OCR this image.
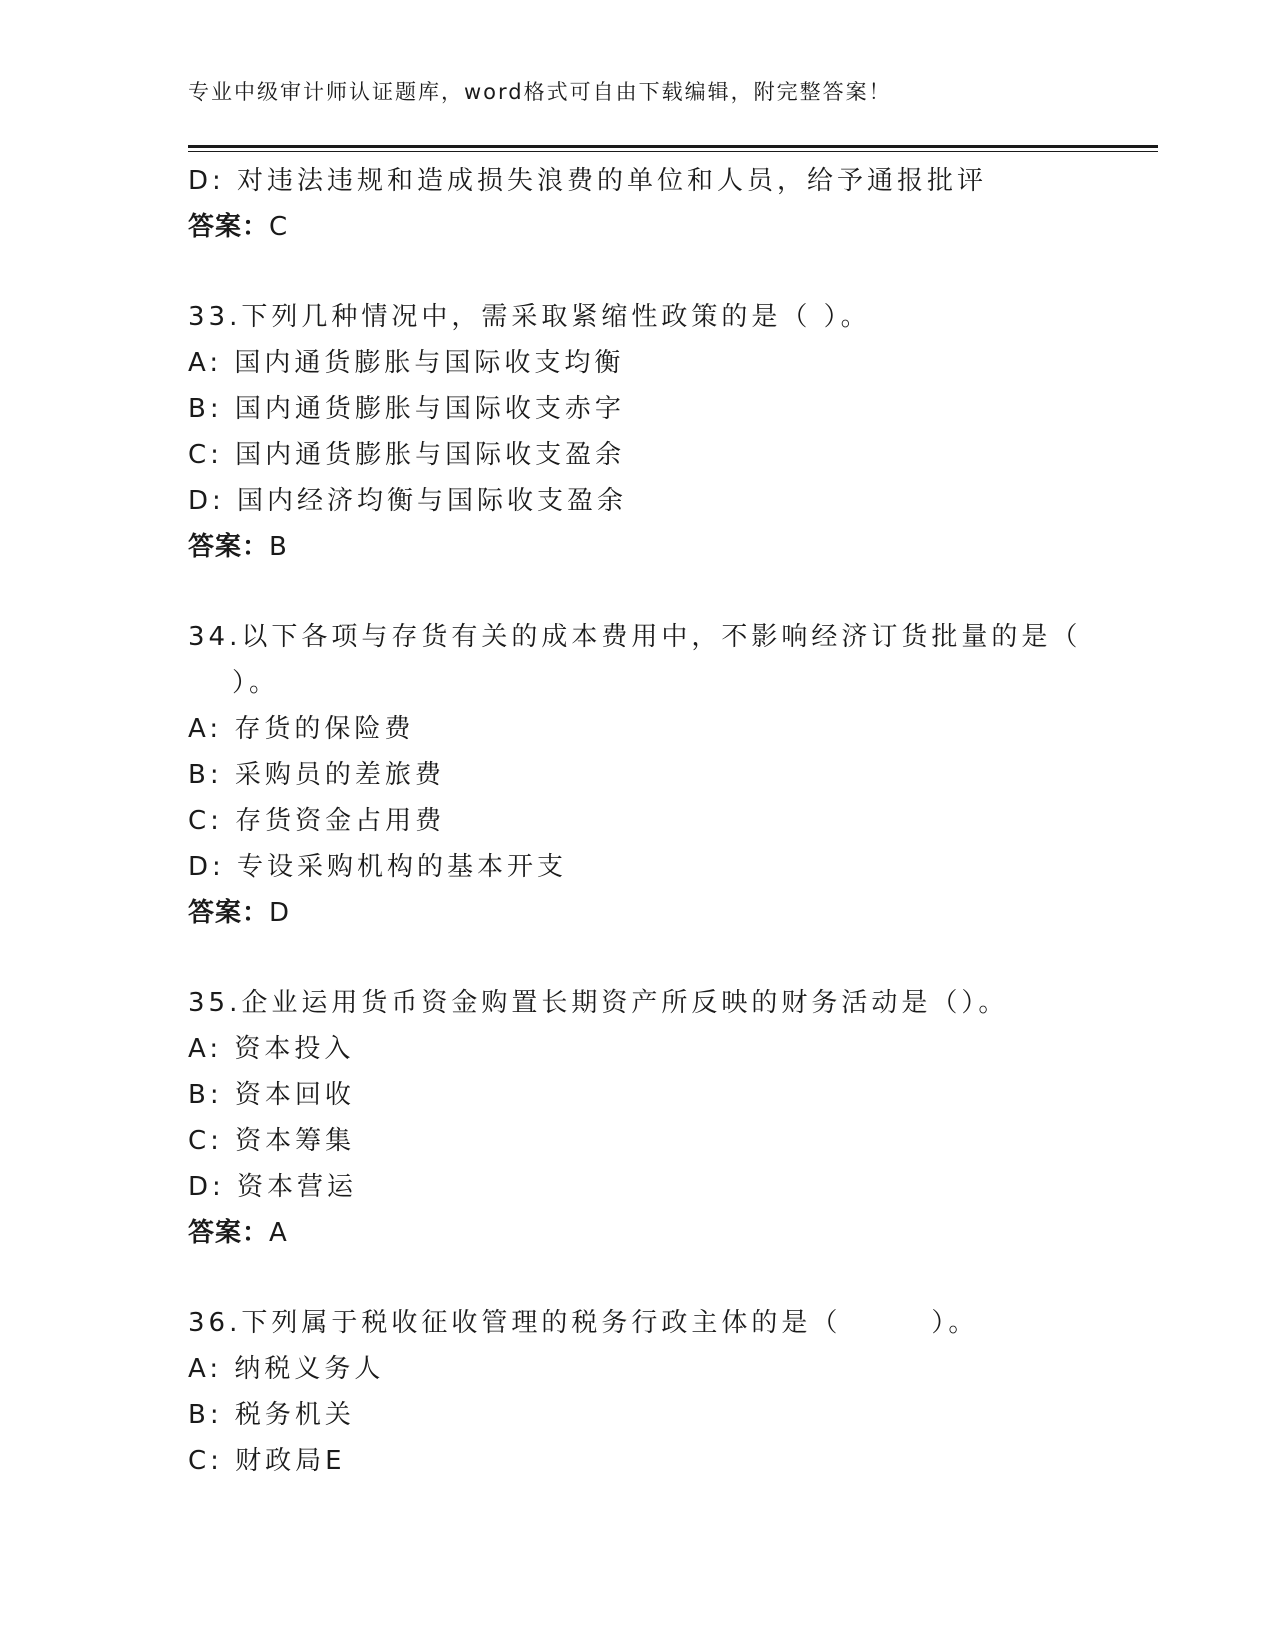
专业中级审计师认证题库，word格式可自由下载编辑，附完整答案！
D: 对违法违规和造成损失浪费的单位和人员，给予通报批评
答案：C
33.下列几种情况中，需采取紧缩性政策的是（ ）。
A: 国内通货膨胀与国际收支均衡
B: 国内通货膨胀与国际收支赤字
C: 国内通货膨胀与国际收支盈余
D: 国内经济均衡与国际收支盈余
答案：B
34.以下各项与存货有关的成本费用中，不影响经济订货批量的是（
）。
A: 存货的保险费
B: 采购员的差旅费
C: 存货资金占用费
D: 专设采购机构的基本开支
答案：D
35.企业运用货币资金购置长期资产所反映的财务活动是（）。
A: 资本投入
B: 资本回收
C: 资本筹集
D: 资本营运
答案：A
36.下列属于税收征收管理的税务行政主体的是（　　　）。
A: 纳税义务人
B: 税务机关
C: 财政局E
